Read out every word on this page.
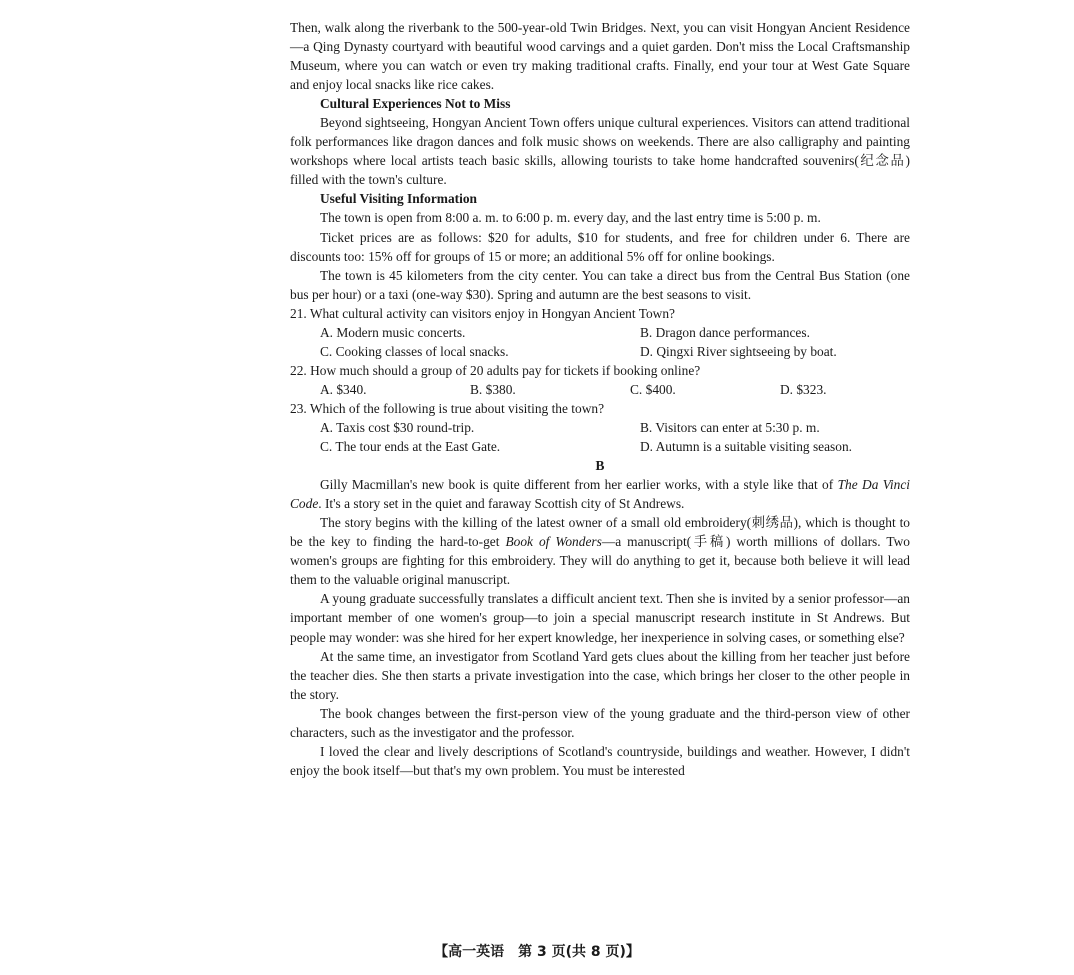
Then, walk along the riverbank to the 500-year-old Twin Bridges. Next, you can visit Hongyan Ancient Residence—a Qing Dynasty courtyard with beautiful wood carvings and a quiet garden. Don't miss the Local Craftsmanship Museum, where you can watch or even try making traditional crafts. Finally, end your tour at West Gate Square and enjoy local snacks like rice cakes.

Cultural Experiences Not to Miss

Beyond sightseeing, Hongyan Ancient Town offers unique cultural experiences. Visitors can attend traditional folk performances like dragon dances and folk music shows on weekends. There are also calligraphy and painting workshops where local artists teach basic skills, allowing tourists to take home handcrafted souvenirs(纪念品) filled with the town's culture.

Useful Visiting Information

The town is open from 8:00 a. m. to 6:00 p. m. every day, and the last entry time is 5:00 p. m.

Ticket prices are as follows: $20 for adults, $10 for students, and free for children under 6. There are discounts too: 15% off for groups of 15 or more; an additional 5% off for online bookings.

The town is 45 kilometers from the city center. You can take a direct bus from the Central Bus Station (one bus per hour) or a taxi (one-way $30). Spring and autumn are the best seasons to visit.

21. What cultural activity can visitors enjoy in Hongyan Ancient Town?

A. Modern music concerts.	B. Dragon dance performances.

C. Cooking classes of local snacks.	D. Qingxi River sightseeing by boat.

22. How much should a group of 20 adults pay for tickets if booking online?

A. $340.	B. $380.	C. $400.	D. $323.

23. Which of the following is true about visiting the town?

A. Taxis cost $30 round-trip.	B. Visitors can enter at 5:30 p. m.

C. The tour ends at the East Gate.	D. Autumn is a suitable visiting season.

B

Gilly Macmillan's new book is quite different from her earlier works, with a style like that of The Da Vinci Code. It's a story set in the quiet and faraway Scottish city of St Andrews.

The story begins with the killing of the latest owner of a small old embroidery(刺绣品), which is thought to be the key to finding the hard-to-get Book of Wonders—a manuscript(手稿) worth millions of dollars. Two women's groups are fighting for this embroidery. They will do anything to get it, because both believe it will lead them to the valuable original manuscript.

A young graduate successfully translates a difficult ancient text. Then she is invited by a senior professor—an important member of one women's group—to join a special manuscript research institute in St Andrews. But people may wonder: was she hired for her expert knowledge, her inexperience in solving cases, or something else?

At the same time, an investigator from Scotland Yard gets clues about the killing from her teacher just before the teacher dies. She then starts a private investigation into the case, which brings her closer to the other people in the story.

The book changes between the first-person view of the young graduate and the third-person view of other characters, such as the investigator and the professor.

I loved the clear and lively descriptions of Scotland's countryside, buildings and weather. However, I didn't enjoy the book itself—but that's my own problem. You must be interested

【高一英语　第 3 页(共 8 页)】
